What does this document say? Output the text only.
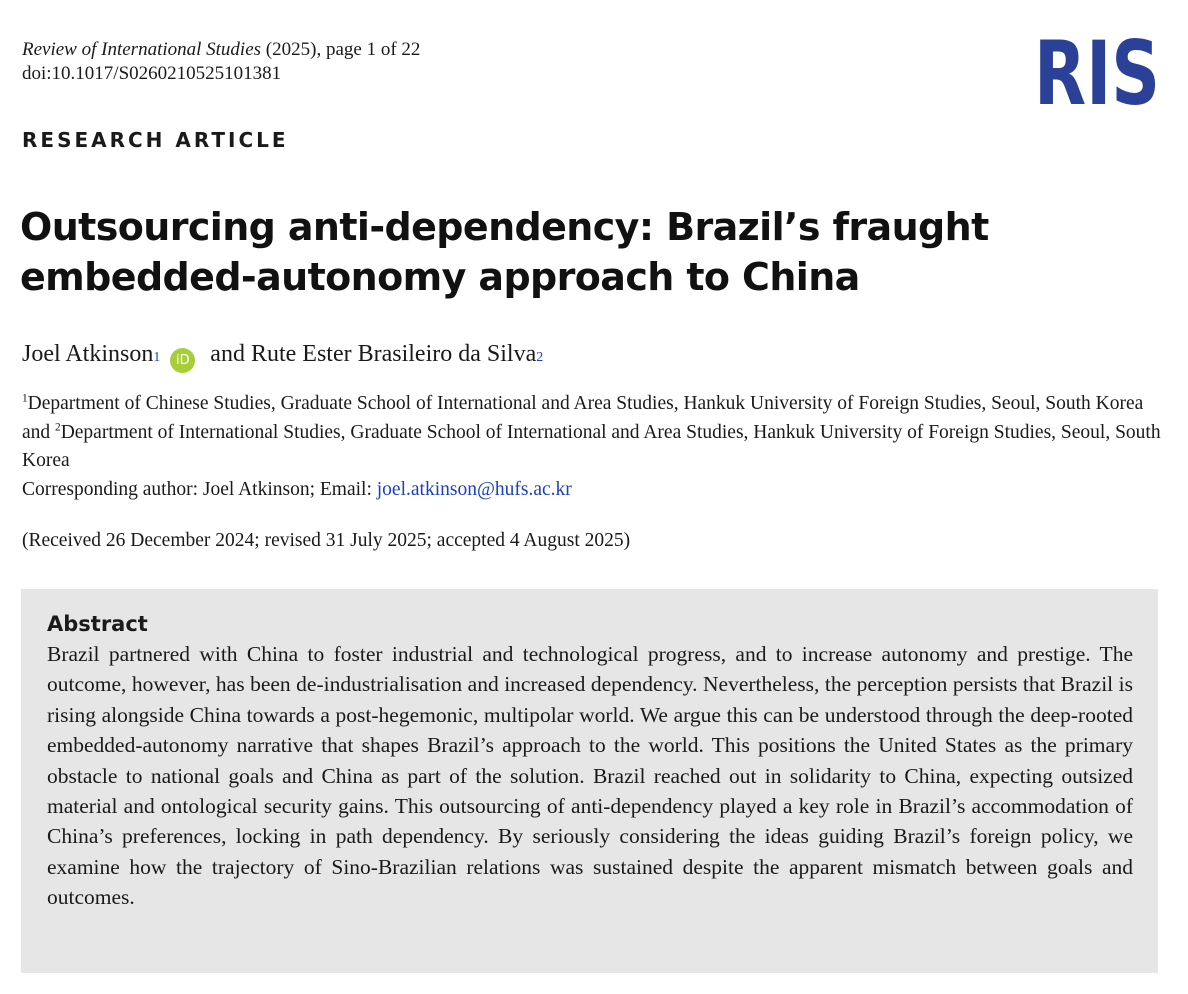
Review of International Studies (2025), page 1 of 22
doi:10.1017/S0260210525101381	RIS
RESEARCH ARTICLE
Outsourcing anti-dependency: Brazil’s fraught embedded-autonomy approach to China
Joel Atkinson 1	iD and Rute Ester Brasileiro da Silva 2
$^1$Department of Chinese Studies, Graduate School of International and Area Studies, Hankuk University of Foreign Studies, Seoul, South Korea and $^2$Department of International Studies, Graduate School of International and Area Studies, Hankuk University of Foreign Studies, Seoul, South Korea
Corresponding author: Joel Atkinson; Email: joel.atkinson@hufs.ac.kr
(Received 26 December 2024; revised 31 July 2025; accepted 4 August 2025)
Abstract

Brazil partnered with China to foster industrial and technological progress, and to increase autonomy and prestige. The outcome, however, has been de-industrialisation and increased dependency. Nevertheless, the perception persists that Brazil is rising alongside China towards a post-hegemonic, multipolar world. We argue this can be understood through the deep-rooted embedded-autonomy narrative that shapes Brazil’s approach to the world. This positions the United States as the primary obstacle to national goals and China as part of the solution. Brazil reached out in solidarity to China, expecting outsized material and ontological security gains. This outsourcing of anti-dependency played a key role in Brazil’s accommodation of China’s preferences, locking in path dependency. By seriously considering the ideas guiding Brazil’s foreign policy, we examine how the trajectory of Sino-Brazilian relations was sustained despite the apparent mismatch between goals and outcomes.
